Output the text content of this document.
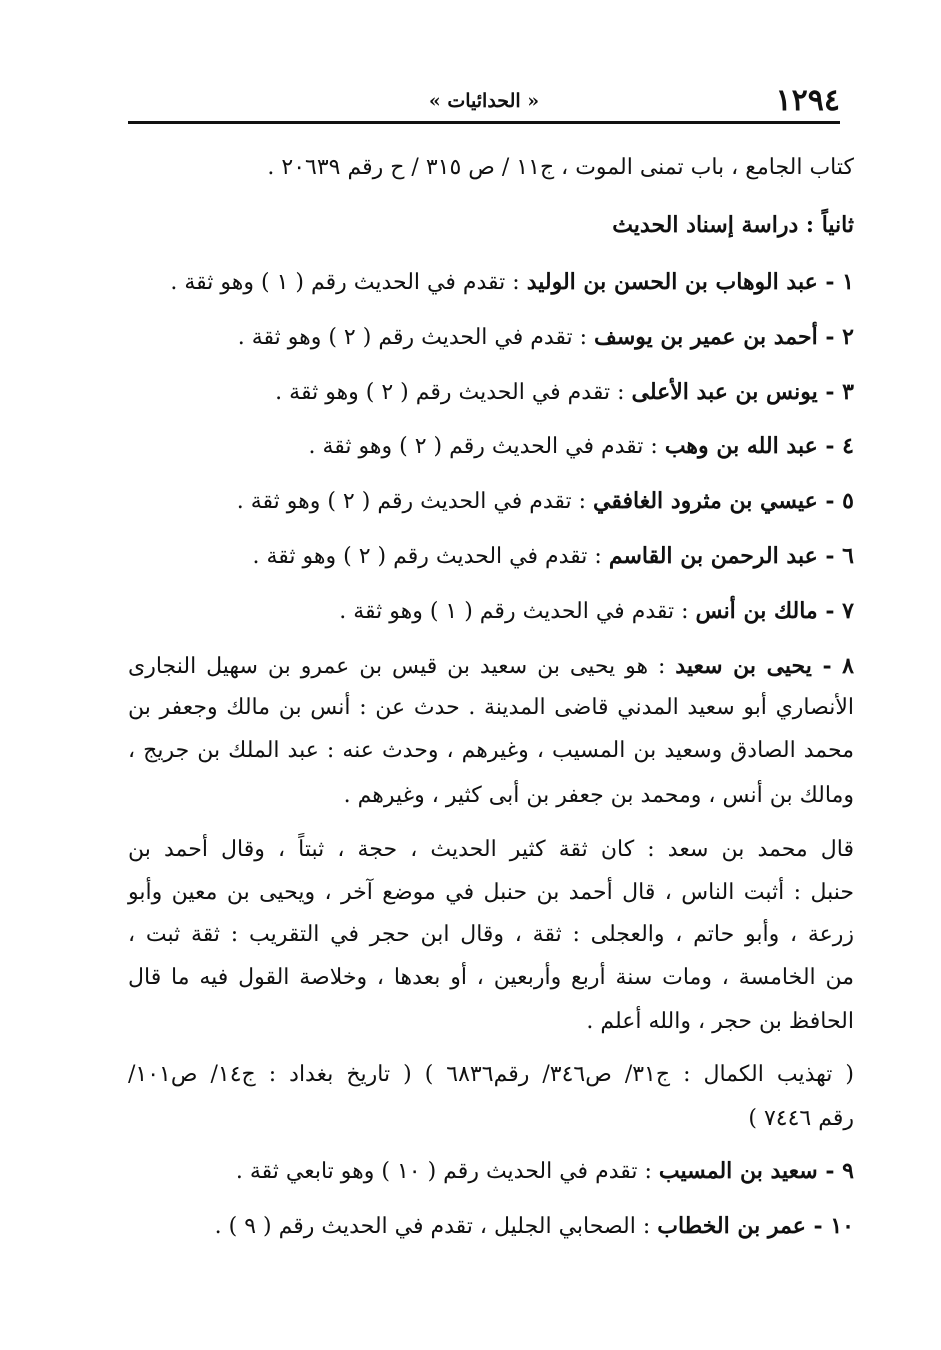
١٢٩٤
« الحدائيات »
كتاب الجامع ، باب تمنى الموت ، ج١١ / ص ٣١٥ / ح رقم ٢٠٦٣٩ .
ثانياً : دراسة إسناد الحديث
١ - عبد الوهاب بن الحسن بن الوليد : تقدم في الحديث رقم ( ١ ) وهو ثقة .
٢ - أحمد بن عمير بن يوسف : تقدم في الحديث رقم ( ٢ ) وهو ثقة .
٣ - يونس بن عبد الأعلى : تقدم في الحديث رقم ( ٢ ) وهو ثقة .
٤ - عبد الله بن وهب : تقدم في الحديث رقم ( ٢ ) وهو ثقة .
٥ - عيسي بن مثرود الغافقي : تقدم في الحديث رقم ( ٢ ) وهو ثقة .
٦ - عبد الرحمن بن القاسم : تقدم في الحديث رقم ( ٢ ) وهو ثقة .
٧ - مالك بن أنس : تقدم في الحديث رقم ( ١ ) وهو ثقة .
٨ - يحيى بن سعيد : هو يحيى بن سعيد بن قيس بن عمرو بن سهيل النجارى
الأنصاري أبو سعيد المدني قاضى المدينة . حدث عن : أنس بن مالك وجعفر بن
محمد الصادق وسعيد بن المسيب ، وغيرهم ، وحدث عنه : عبد الملك بن جريج ،
ومالك بن أنس ، ومحمد بن جعفر بن أبى كثير ، وغيرهم .
قال محمد بن سعد : كان ثقة كثير الحديث ، حجة ، ثبتاً ، وقال أحمد بن
حنبل : أثبت الناس ، قال أحمد بن حنبل في موضع آخر ، ويحيى بن معين وأبو
زرعة ، وأبو حاتم ، والعجلى : ثقة ، وقال ابن حجر في التقريب : ثقة ثبت ،
من الخامسة ، ومات سنة أربع وأربعين ، أو بعدها ، وخلاصة القول فيه ما قال
الحافظ بن حجر ، والله أعلم .
( تهذيب الكمال : ج٣١/ ص٣٤٦/ رقم٦٨٣٦ ) ( تاريخ بغداد : ج١٤/ ص١٠١/
رقم ٧٤٤٦ )
٩ - سعيد بن المسيب : تقدم في الحديث رقم ( ١٠ ) وهو تابعي ثقة .
١٠ - عمر بن الخطاب : الصحابي الجليل ، تقدم في الحديث رقم ( ٩ ) .
